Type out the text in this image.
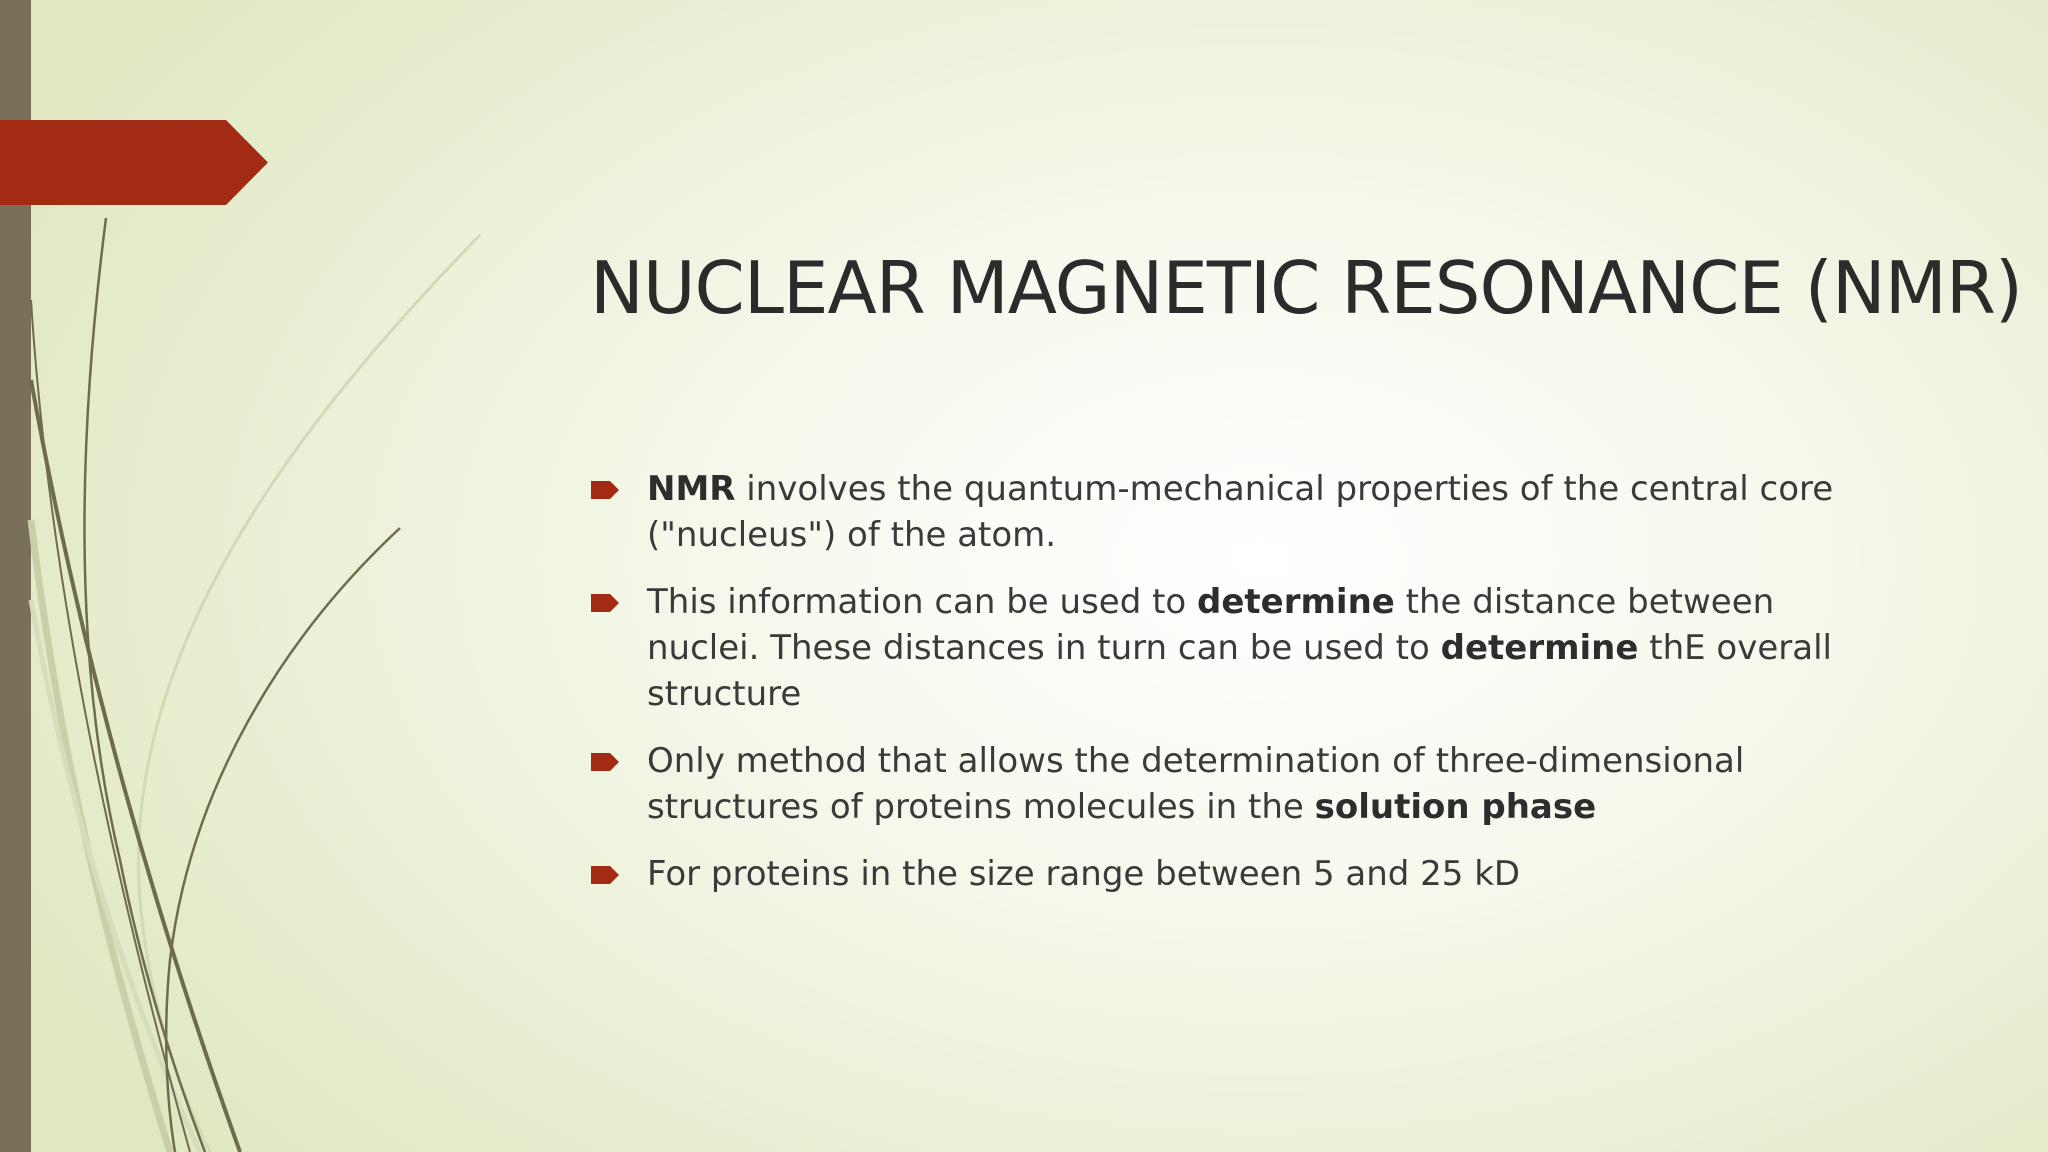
NUCLEAR MAGNETIC RESONANCE (NMR)
NMR involves the quantum-mechanical properties of the central core ("nucleus") of the atom.
This information can be used to determine the distance between nuclei. These distances in turn can be used to determine thE overall structure
Only method that allows the determination of three-dimensional structures of proteins molecules in the solution phase
For proteins in the size range between 5 and 25 kD
